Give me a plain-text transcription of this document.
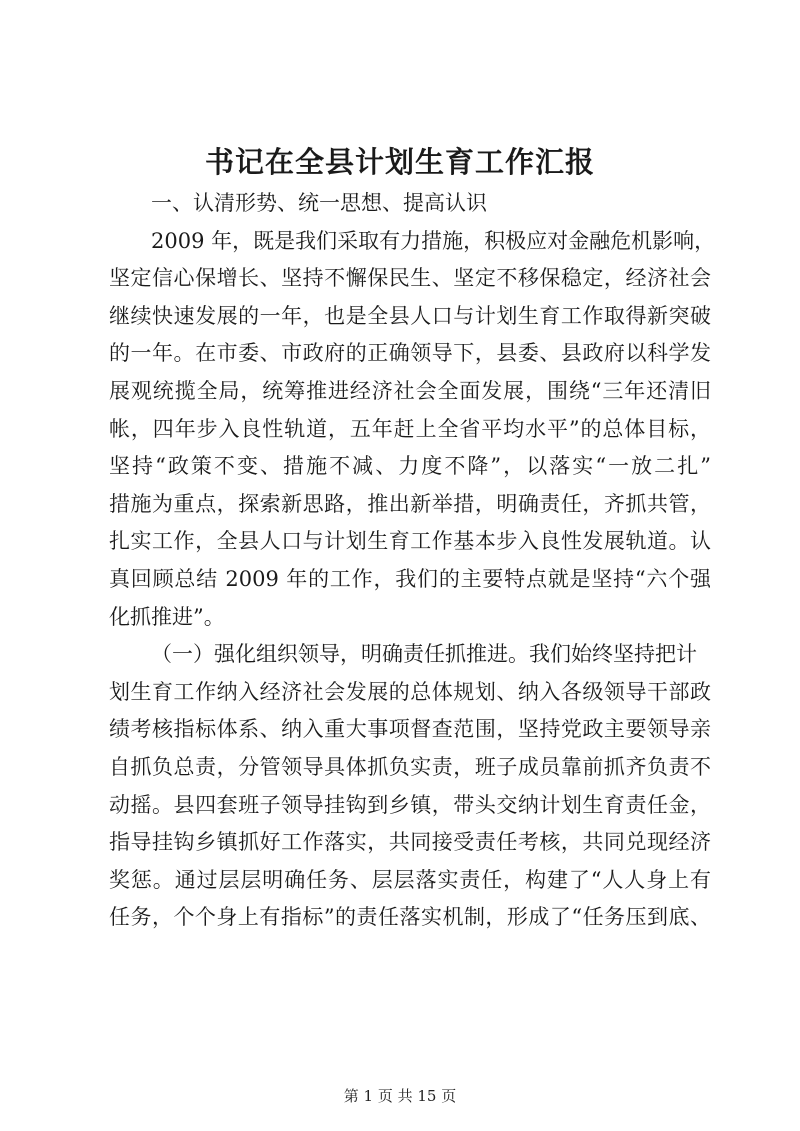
书记在全县计划生育工作汇报
一、认清形势、统一思想、提高认识
2009 年，既是我们采取有力措施，积极应对金融危机影响，
坚定信心保增长、坚持不懈保民生、坚定不移保稳定，经济社会
继续快速发展的一年，也是全县人口与计划生育工作取得新突破
的一年。在市委、市政府的正确领导下，县委、县政府以科学发
展观统揽全局，统筹推进经济社会全面发展，围绕“三年还清旧
帐，四年步入良性轨道，五年赶上全省平均水平”的总体目标，
坚持“政策不变、措施不减、力度不降”，以落实“一放二扎”
措施为重点，探索新思路，推出新举措，明确责任，齐抓共管，
扎实工作，全县人口与计划生育工作基本步入良性发展轨道。认
真回顾总结 2009 年的工作，我们的主要特点就是坚持“六个强
化抓推进”。
（一）强化组织领导，明确责任抓推进。我们始终坚持把计
划生育工作纳入经济社会发展的总体规划、纳入各级领导干部政
绩考核指标体系、纳入重大事项督查范围，坚持党政主要领导亲
自抓负总责，分管领导具体抓负实责，班子成员靠前抓齐负责不
动摇。县四套班子领导挂钩到乡镇，带头交纳计划生育责任金，
指导挂钩乡镇抓好工作落实，共同接受责任考核，共同兑现经济
奖惩。通过层层明确任务、层层落实责任，构建了“人人身上有
任务，个个身上有指标”的责任落实机制，形成了“任务压到底、
第 1 页 共 15 页
